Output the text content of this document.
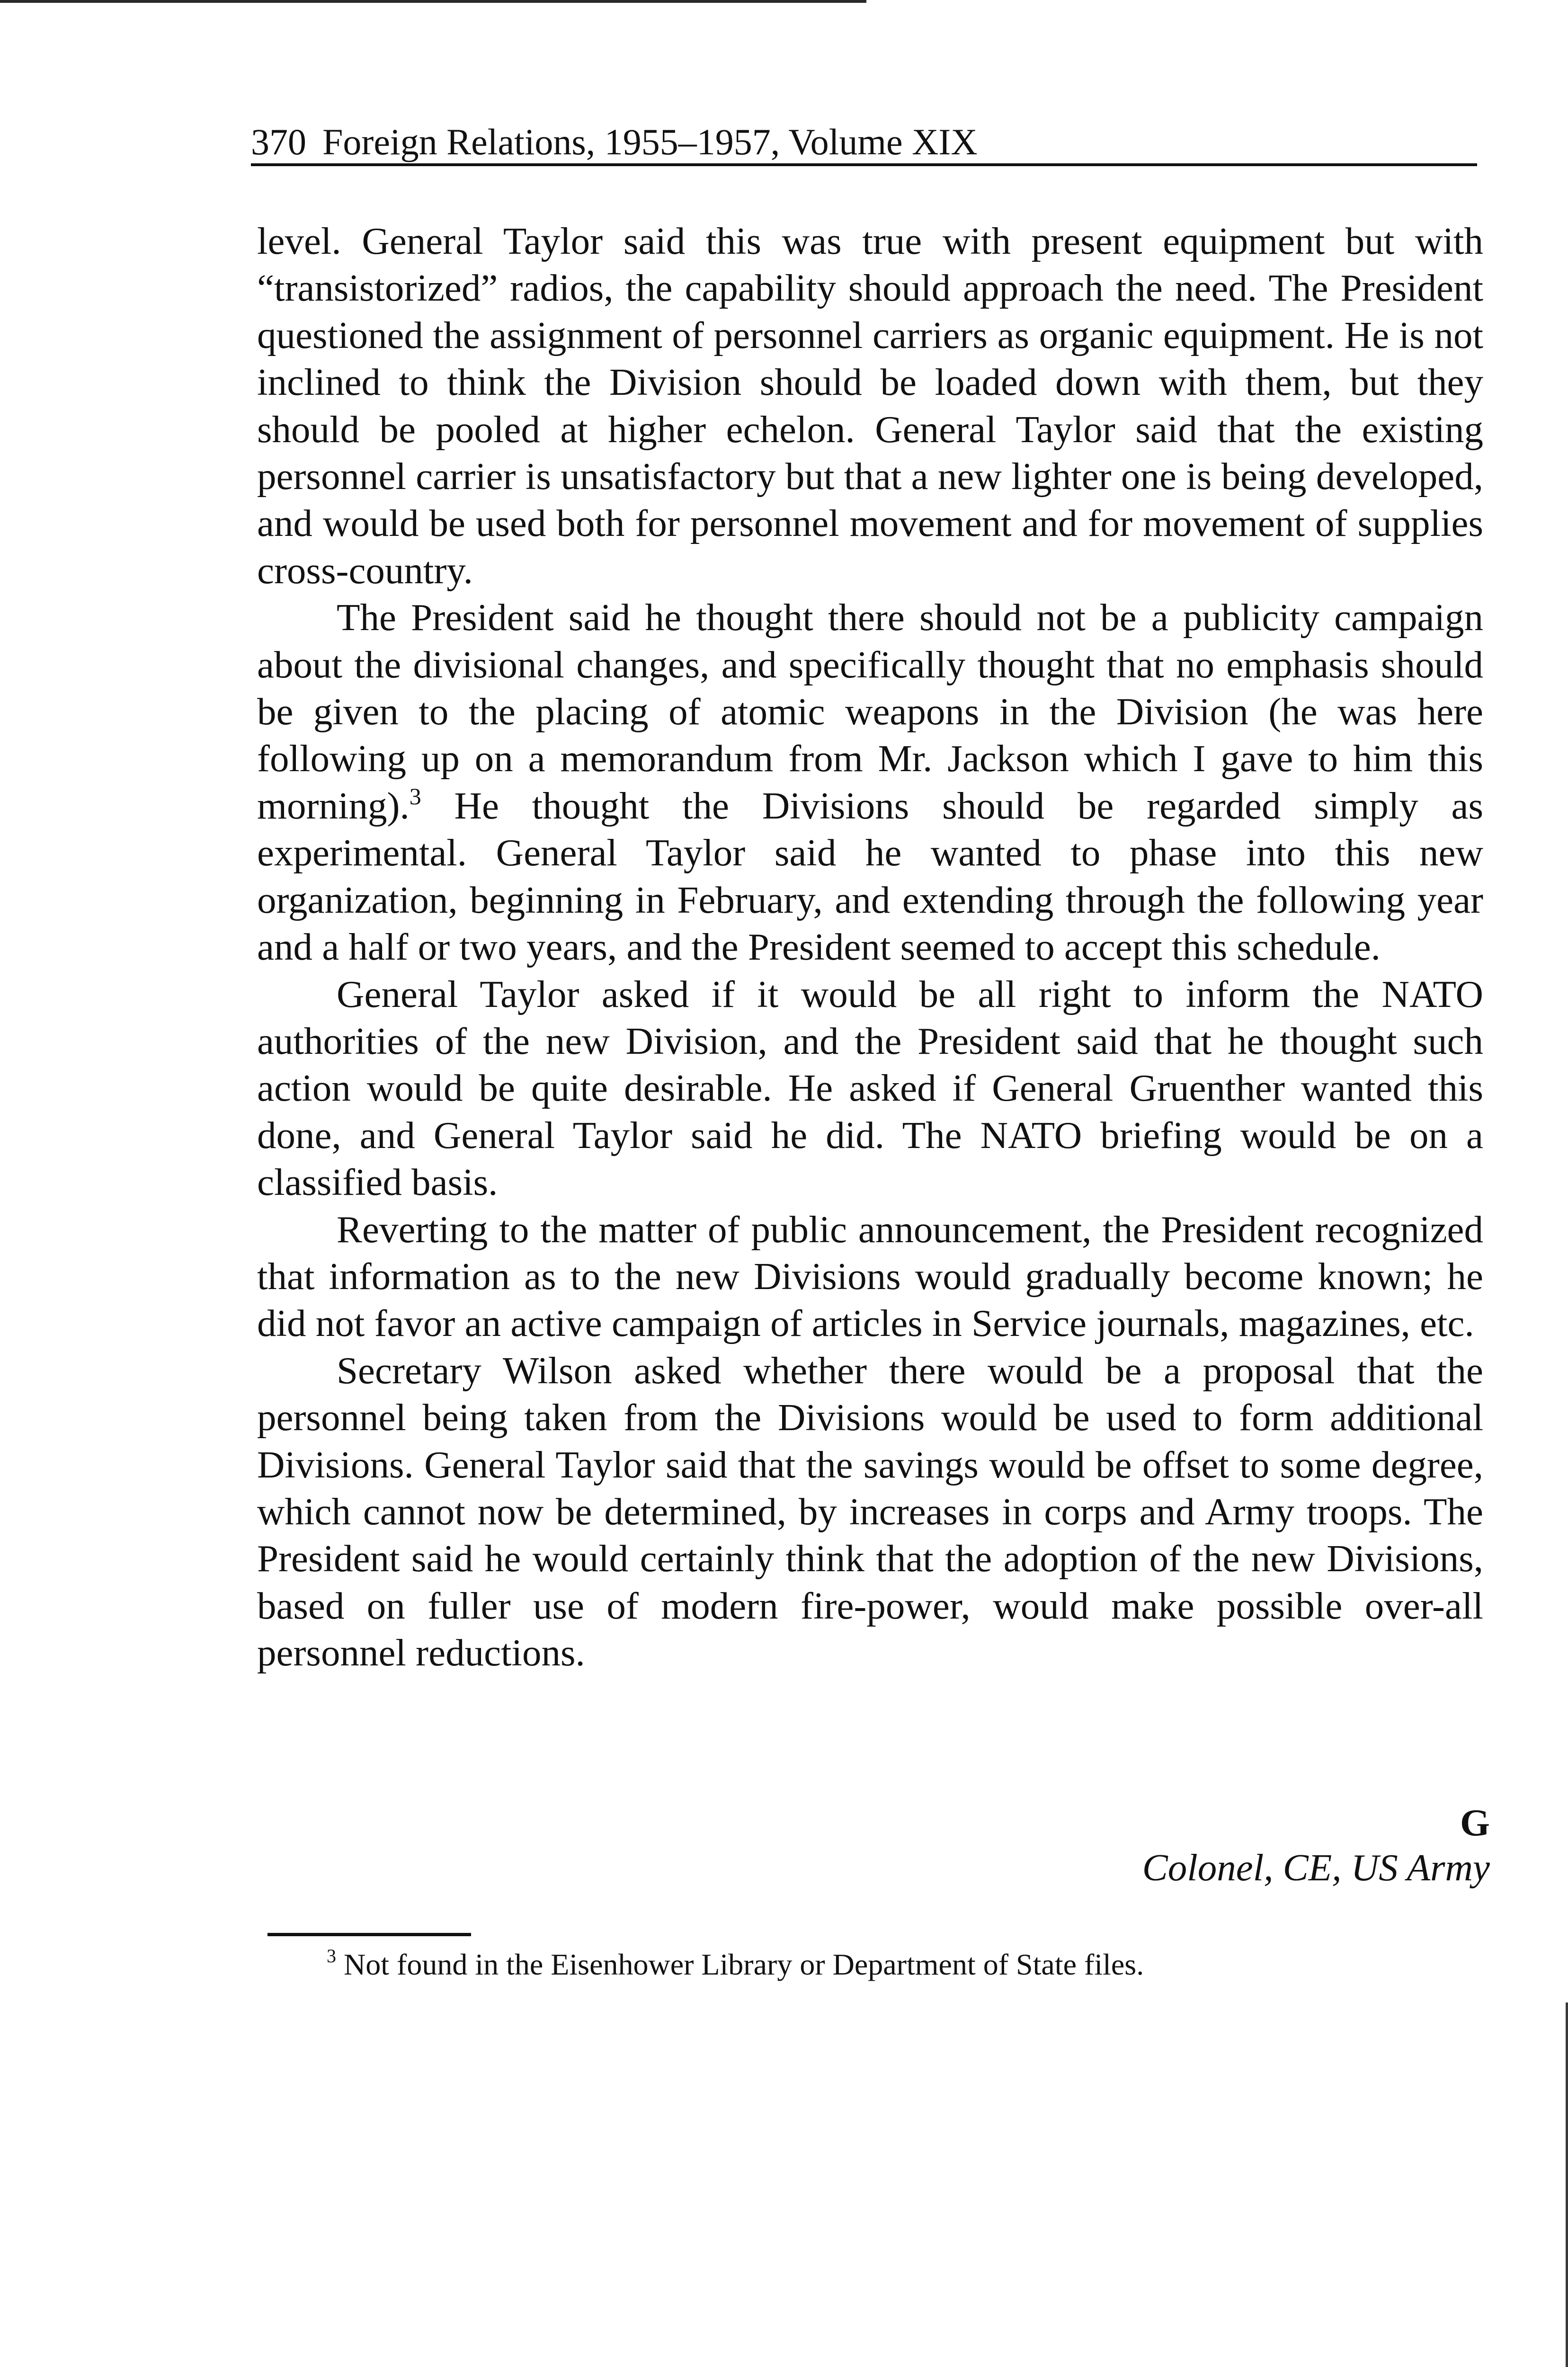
370 Foreign Relations, 1955–1957, Volume XIX

level. General Taylor said this was true with present equipment but with “transistorized” radios, the capability should approach the need. The President questioned the assignment of personnel carriers as organic equipment. He is not inclined to think the Division should be loaded down with them, but they should be pooled at higher echelon. General Taylor said that the existing personnel carrier is unsatisfactory but that a new lighter one is being developed, and would be used both for personnel movement and for movement of supplies cross-country.

The President said he thought there should not be a publicity campaign about the divisional changes, and specifically thought that no emphasis should be given to the placing of atomic weapons in the Division (he was here following up on a memorandum from Mr. Jackson which I gave to him this morning).$^3$ He thought the Divisions should be regarded simply as experimental. General Taylor said he wanted to phase into this new organization, beginning in February, and extending through the following year and a half or two years, and the President seemed to accept this schedule.

General Taylor asked if it would be all right to inform the NATO authorities of the new Division, and the President said that he thought such action would be quite desirable. He asked if General Gruenther wanted this done, and General Taylor said he did. The NATO briefing would be on a classified basis.

Reverting to the matter of public announcement, the President recognized that information as to the new Divisions would gradually become known; he did not favor an active campaign of articles in Service journals, magazines, etc.

Secretary Wilson asked whether there would be a proposal that the personnel being taken from the Divisions would be used to form additional Divisions. General Taylor said that the savings would be offset to some degree, which cannot now be determined, by increases in corps and Army troops. The President said he would certainly think that the adoption of the new Divisions, based on fuller use of modern fire-power, would make possible over-all personnel reductions.

G
Colonel, CE, US Army
$^3$ Not found in the Eisenhower Library or Department of State files.
